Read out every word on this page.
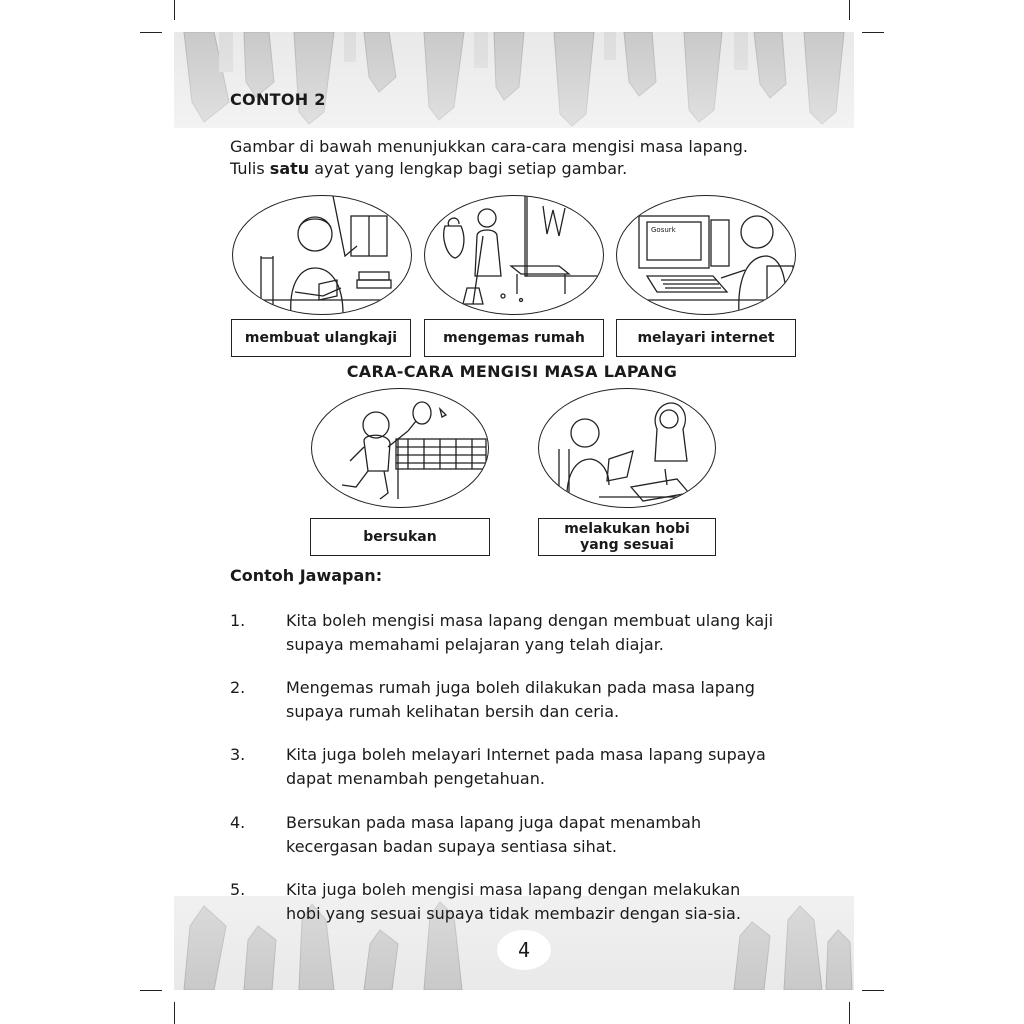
CONTOH 2
Gambar di bawah menunjukkan cara-cara mengisi masa lapang.
Tulis satu ayat yang lengkap bagi setiap gambar.
membuat ulangkaji	mengemas rumah
Gosurk
melayari internet
CARA-CARA MENGISI MASA LAPANG
bersukan	melakukan hobi
yang sesuai
Contoh Jawapan:
1.	Kita boleh mengisi masa lapang dengan membuat ulang kaji
supaya memahami pelajaran yang telah diajar.
2.	Mengemas rumah juga boleh dilakukan pada masa lapang
supaya rumah kelihatan bersih dan ceria.
3.	Kita juga boleh melayari Internet pada masa lapang supaya
dapat menambah pengetahuan.
4.	Bersukan pada masa lapang juga dapat menambah
kecergasan badan supaya sentiasa sihat.
5.	Kita juga boleh mengisi masa lapang dengan melakukan
hobi yang sesuai supaya tidak membazir dengan sia-sia.
4
